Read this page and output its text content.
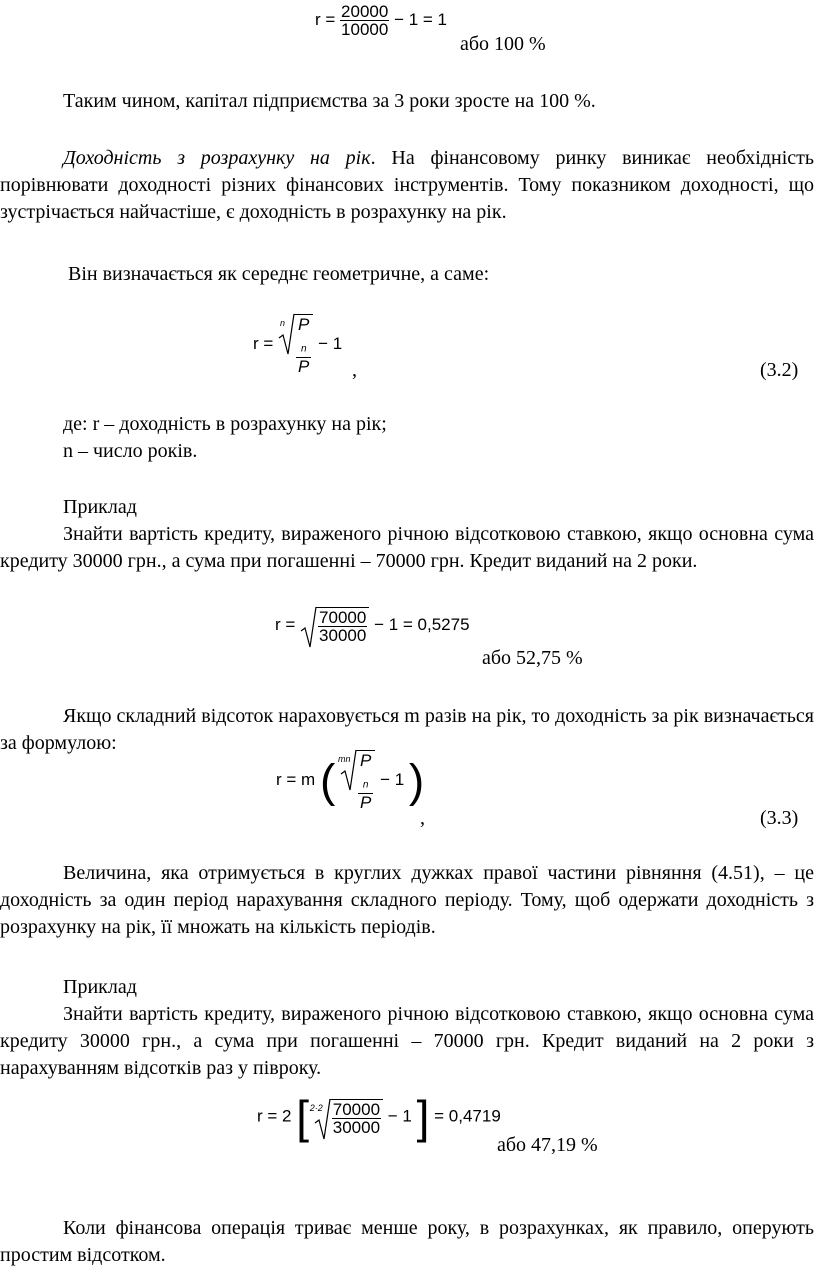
$r = \frac{20000}{10000} - 1 = 1$
або 100 %
Таким чином, капітал підприємства за 3 роки зросте на 100 %.
Доходність з розрахунку на рік. На фінансовому ринку виникає необхідність порівнювати доходності різних фінансових інструментів. Тому показником доходності, що зустрічається найчастіше, є доходність в розрахунку на рік.
Він визначається як середнє геометричне, а саме:
r =
n P
$_n$
P − 1
,	(3.2)
де: r – доходність в розрахунку на рік;
n – число років.
Приклад
Знайти вартість кредиту, вираженого річною відсотковою ставкою, якщо основна сума кредиту 30000 грн., а сума при погашенні – 70000 грн. Кредит виданий на 2 роки.
$r = \frac{70000}{30000} - 1 = 0,5275$
або 52,75 %
Якщо складний відсоток нараховується m разів на рік, то доходність за рік визначається за формулою:
r = m ( mn P
$_n$
P − 1 )
,	(3.3)
Величина, яка отримується в круглих дужках правої частини рівняння (4.51), – це доходність за один період нарахування складного періоду. Тому, щоб одержати доходність з розрахунку на рік, її множать на кількість періодів.
Приклад
Знайти вартість кредиту, вираженого річною відсотковою ставкою, якщо основна сума кредиту 30000 грн., а сума при погашенні – 70000 грн. Кредит виданий на 2 роки з нарахуванням відсотків раз у півроку.
r = 2 [ $2\cdot 2 \frac{70000}{30000} - 1$ ] = 0,4719
або 47,19 %
Коли фінансова операція триває менше року, в розрахунках, як правило, оперують простим відсотком.
